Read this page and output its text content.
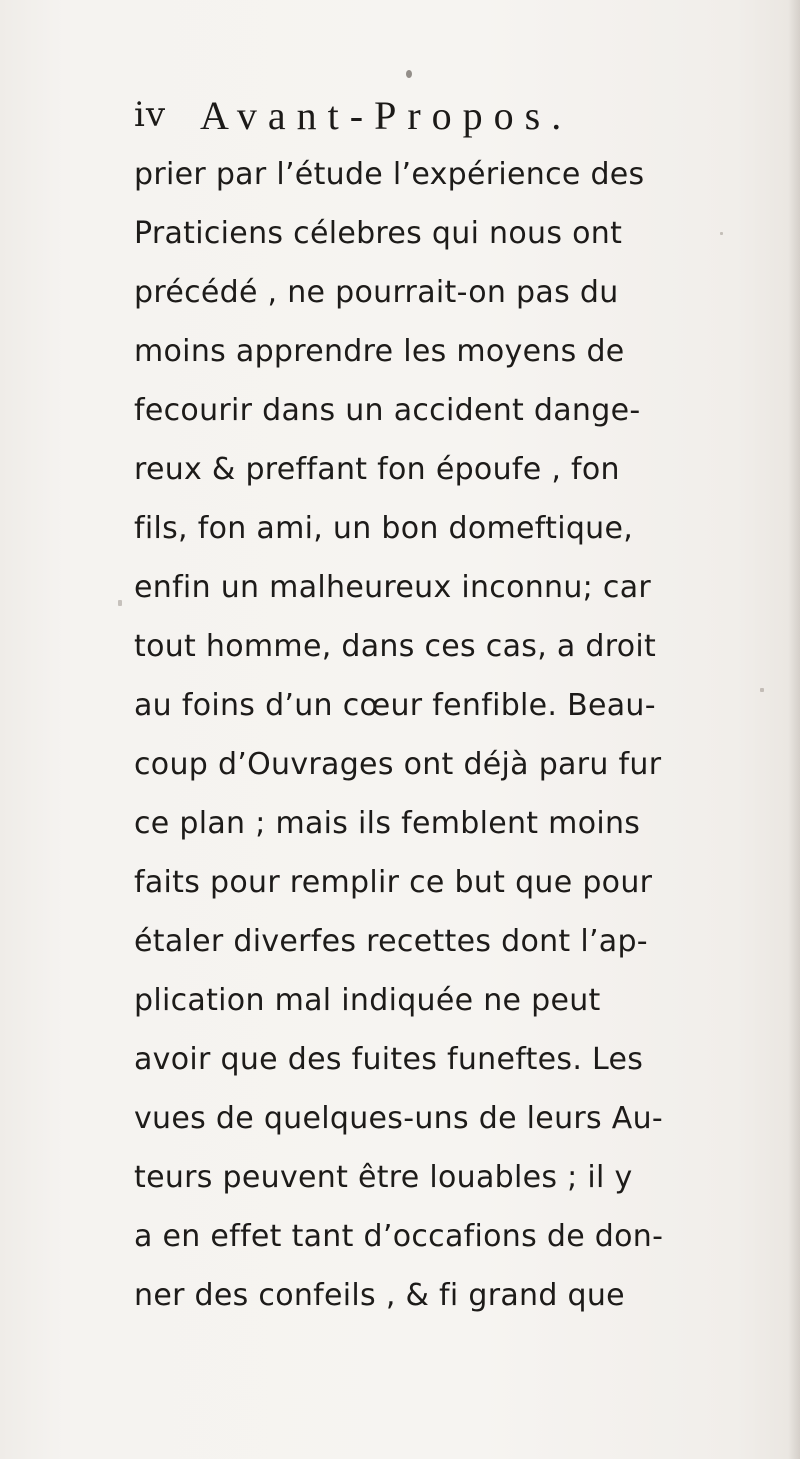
iv Avant-Propos.
prier par l’étude l’expérience des
Praticiens célebres qui nous ont
précédé , ne pourrait-on pas du
moins apprendre les moyens de
fecourir dans un accident dange-
reux & preffant fon époufe , fon
fils, fon ami, un bon domeftique,
enfin un malheureux inconnu; car
tout homme, dans ces cas, a droit
au foins d’un cœur fenfible. Beau-
coup d’Ouvrages ont déjà paru fur
ce plan ; mais ils femblent moins
faits pour remplir ce but que pour
étaler diverfes recettes dont l’ap-
plication mal indiquée ne peut
avoir que des fuites funeftes. Les
vues de quelques-uns de leurs Au-
teurs peuvent être louables ; il y
a en effet tant d’occafions de don-
ner des confeils , & fi grand que
